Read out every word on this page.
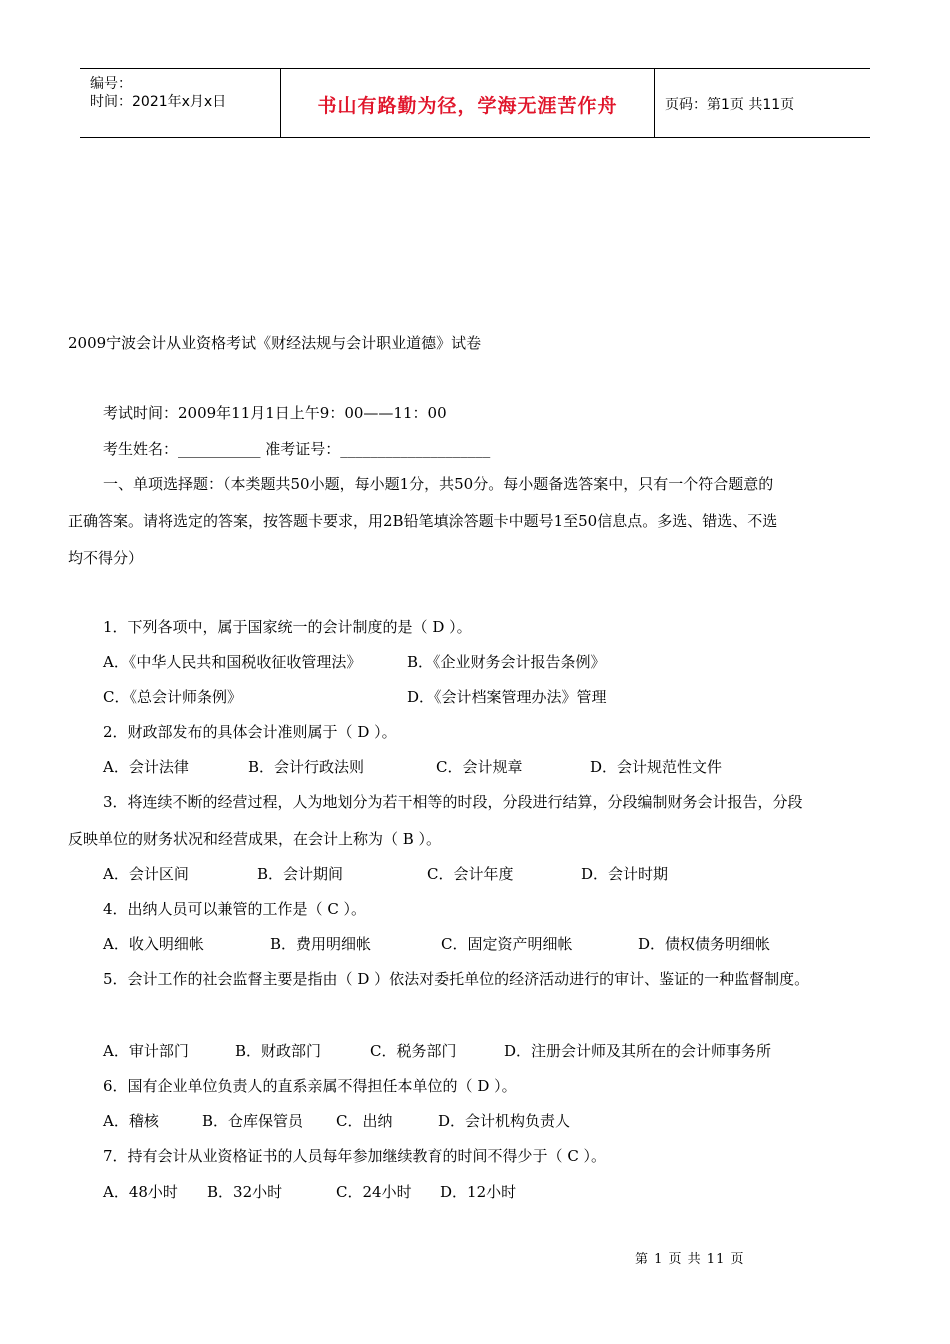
编号：
时间：2021年x月x日	书山有路勤为径，学海无涯苦作舟	页码：第1页 共11页
2009宁波会计从业资格考试《财经法规与会计职业道德》试卷
考试时间：2009年11月1日上午9：00——11：00
考生姓名：___________ 准考证号：____________________
一、单项选择题：（本类题共50小题，每小题1分，共50分。每小题备选答案中，只有一个符合题意的
正确答案。请将选定的答案，按答题卡要求，用2B铅笔填涂答题卡中题号1至50信息点。多选、错选、不选
均不得分）
1．下列各项中，属于国家统一的会计制度的是（ D ）。
A．《中华人民共和国税收征收管理法》	B．《企业财务会计报告条例》
C．《总会计师条例》	D．《会计档案管理办法》管理
2．财政部发布的具体会计准则属于（ D ）。
A．会计法律	B．会计行政法则	C．会计规章	D．会计规范性文件
3．将连续不断的经营过程，人为地划分为若干相等的时段，分段进行结算，分段编制财务会计报告，分段
反映单位的财务状况和经营成果，在会计上称为（ B ）。
A．会计区间	B．会计期间	C．会计年度	D．会计时期
4．出纳人员可以兼管的工作是（ C ）。
A．收入明细帐	B．费用明细帐	C．固定资产明细帐	D．债权债务明细帐
5．会计工作的社会监督主要是指由（ D ）依法对委托单位的经济活动进行的审计、鉴证的一种监督制度。
A．审计部门	B．财政部门	C．税务部门	D．注册会计师及其所在的会计师事务所
6．国有企业单位负责人的直系亲属不得担任本单位的（ D ）。
A．稽核	B．仓库保管员 C．出纳	D．会计机构负责人
7．持有会计从业资格证书的人员每年参加继续教育的时间不得少于（ C ）。
A．48小时 B．32小时	C．24小时 D．12小时
第 1 页 共 11 页
